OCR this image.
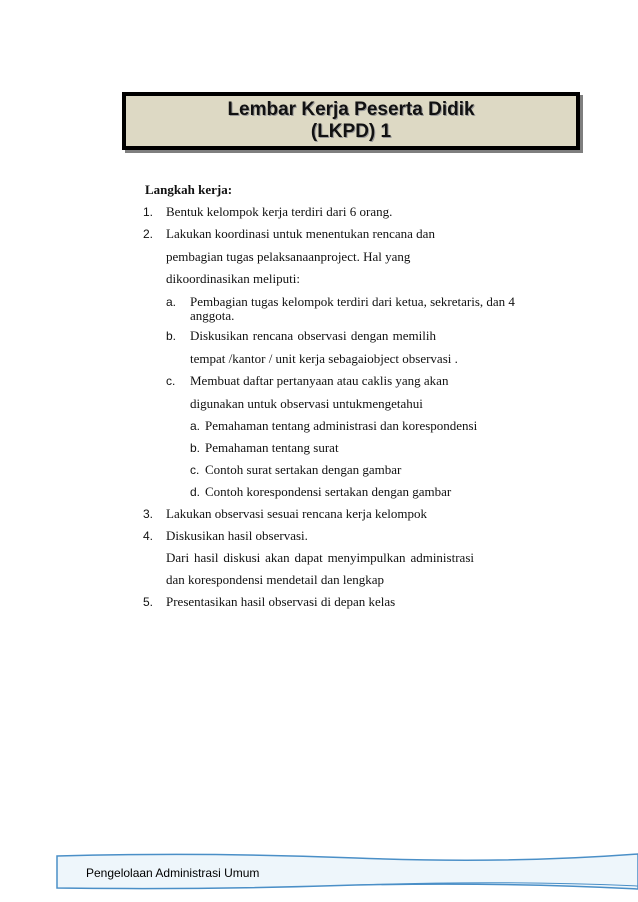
Lembar Kerja Peserta Didik
(LKPD) 1
Langkah kerja:
1. Bentuk kelompok kerja terdiri dari 6 orang.
2. Lakukan koordinasi untuk menentukan rencana dan
pembagian tugas pelaksanaanproject. Hal yang
dikoordinasikan meliputi:
a. Pembagian tugas kelompok terdiri dari ketua, sekretaris, dan 4
anggota.
b. Diskusikan rencana observasi dengan memilih
tempat /kantor / unit kerja sebagaiobject observasi .
c. Membuat daftar pertanyaan atau caklis yang akan
digunakan untuk observasi untukmengetahui
a. Pemahaman tentang administrasi dan korespondensi
b. Pemahaman tentang surat
c. Contoh surat sertakan dengan gambar
d. Contoh korespondensi sertakan dengan gambar
3. Lakukan observasi sesuai rencana kerja kelompok
4. Diskusikan hasil observasi.
Dari hasil diskusi akan dapat menyimpulkan administrasi
dan korespondensi mendetail dan lengkap
5. Presentasikan hasil observasi di depan kelas
Pengelolaan Administrasi Umum
